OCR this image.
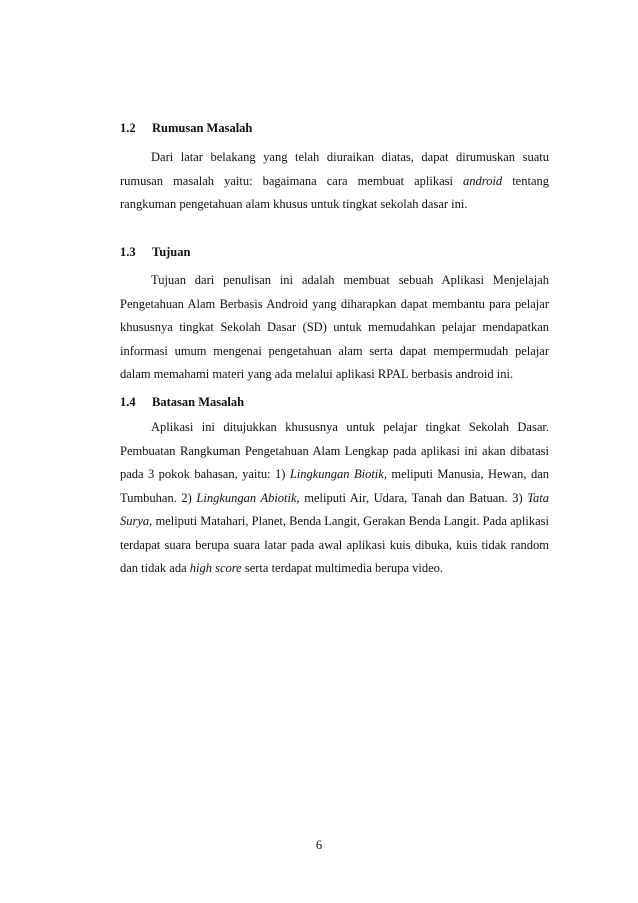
1.2 Rumusan Masalah

Dari latar belakang yang telah diuraikan diatas, dapat dirumuskan suatu rumusan masalah yaitu: bagaimana cara membuat aplikasi android tentang rangkuman pengetahuan alam khusus untuk tingkat sekolah dasar ini.

1.3 Tujuan

Tujuan dari penulisan ini adalah membuat sebuah Aplikasi Menjelajah Pengetahuan Alam Berbasis Android yang diharapkan dapat membantu para pelajar khususnya tingkat Sekolah Dasar (SD) untuk memudahkan pelajar mendapatkan informasi umum mengenai pengetahuan alam serta dapat mempermudah pelajar dalam memahami materi yang ada melalui aplikasi RPAL berbasis android ini.

1.4 Batasan Masalah

Aplikasi ini ditujukkan khususnya untuk pelajar tingkat Sekolah Dasar. Pembuatan Rangkuman Pengetahuan Alam Lengkap pada aplikasi ini akan dibatasi pada 3 pokok bahasan, yaitu: 1) Lingkungan Biotik, meliputi Manusia, Hewan, dan Tumbuhan. 2) Lingkungan Abiotik, meliputi Air, Udara, Tanah dan Batuan. 3) Tata Surya, meliputi Matahari, Planet, Benda Langit, Gerakan Benda Langit. Pada aplikasi terdapat suara berupa suara latar pada awal aplikasi kuis dibuka, kuis tidak random dan tidak ada high score serta terdapat multimedia berupa video.

6
